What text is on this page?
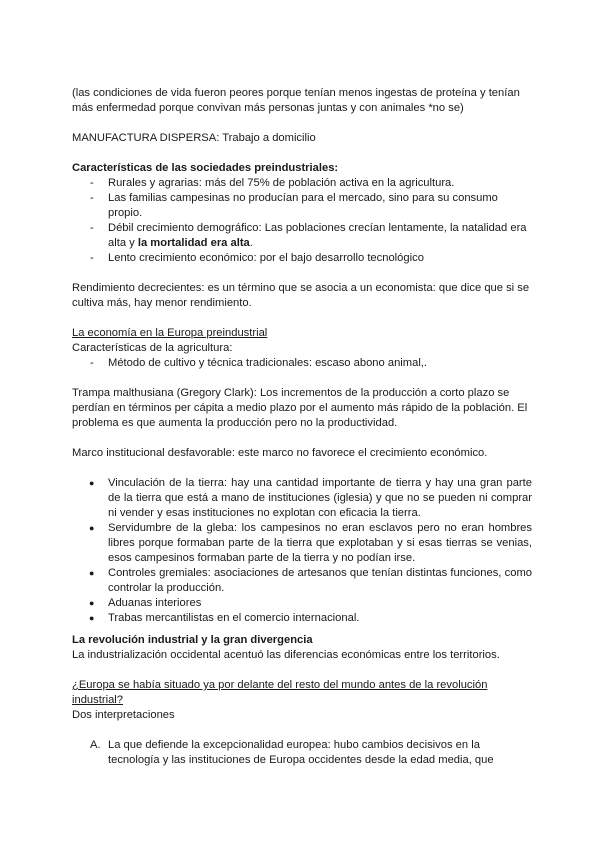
(las condiciones de vida fueron peores porque tenían menos ingestas de proteína y tenían más enfermedad porque convivan más personas juntas y con animales *no se)

MANUFACTURA DISPERSA: Trabajo a domicilio

Características de las sociedades preindustriales:

- Rurales y agrarias: más del 75% de población activa en la agricultura.
- Las familias campesinas no producían para el mercado, sino para su consumo propio.
- Débil crecimiento demográfico: Las poblaciones crecían lentamente, la natalidad era alta y la mortalidad era alta.
- Lento crecimiento económico: por el bajo desarrollo tecnológico

Rendimiento decrecientes: es un término que se asocia a un economista: que dice que si se cultiva más, hay menor rendimiento.

La economía en la Europa preindustrial

Características de la agricultura:

- Método de cultivo y técnica tradicionales: escaso abono animal,.

Trampa malthusiana (Gregory Clark): Los incrementos de la producción a corto plazo se perdían en términos per cápita a medio plazo por el aumento más rápido de la población. El problema es que aumenta la producción pero no la productividad.

Marco institucional desfavorable: este marco no favorece el crecimiento económico.

● Vinculación de la tierra: hay una cantidad importante de tierra y hay una gran parte de la tierra que está a mano de instituciones (iglesia) y que no se pueden ni comprar ni vender y esas instituciones no explotan con eficacia la tierra.
● Servidumbre de la gleba: los campesinos no eran esclavos pero no eran hombres libres porque formaban parte de la tierra que explotaban y si esas tierras se venias, esos campesinos formaban parte de la tierra y no podían irse.
● Controles gremiales: asociaciones de artesanos que tenían distintas funciones, como controlar la producción.
● Aduanas interiores
● Trabas mercantilistas en el comercio internacional.

La revolución industrial y la gran divergencia

La industrialización occidental acentuó las diferencias económicas entre los territorios.

¿Europa se había situado ya por delante del resto del mundo antes de la revolución industrial?

Dos interpretaciones

A. La que defiende la excepcionalidad europea: hubo cambios decisivos en la tecnología y las instituciones de Europa occidentes desde la edad media, que
